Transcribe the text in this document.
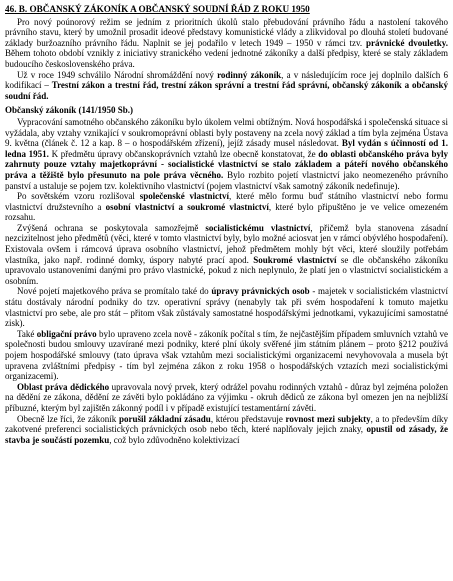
46. B. OBČANSKÝ ZÁKONÍK A OBČANSKÝ SOUDNÍ ŘÁD Z ROKU 1950

Pro nový poúnorový režim se jedním z prioritních úkolů stalo přebudování právního řádu a nastolení takového právního stavu, který by umožnil prosadit ideové představy komunistické vlády a zlikvidoval po dlouhá století budované základy buržoazního právního řádu. Naplnit se jej podařilo v letech 1949 – 1950 v rámci tzv. právnické dvouletky. Během tohoto období vznikly z iniciativy stranického vedení jednotné zákoníky a další předpisy, které se staly základem budoucího československého práva.

Už v roce 1949 schválilo Národní shromáždění nový rodinný zákoník, a v následujícím roce jej doplnilo dalších 6 kodifikací – Trestní zákon a trestní řád, trestní zákon správní a trestní řád správní, občanský zákoník a občanský soudní řád.

Občanský zákoník (141/1950 Sb.)

Vypracování samotného občanského zákoníku bylo úkolem velmi obtížným. Nová hospodářská i společenská situace si vyžádala, aby vztahy vznikající v soukromoprávní oblasti byly postaveny na zcela nový základ a tím byla zejména Ústava 9. května (článek č. 12 a kap. 8 – o hospodářském zřízení), jejíž zásady musel následovat. Byl vydán s účinností od 1. ledna 1951. K předmětu úpravy občanskoprávních vztahů lze obecně konstatovat, že do oblasti občanského práva byly zahrnuty pouze vztahy majetkoprávní - socialistické vlastnictví se stalo základem a páteří nového občanského práva a těžiště bylo přesunuto na pole práva věcného. Bylo rozbito pojetí vlastnictví jako neomezeného právního panství a ustaluje se pojem tzv. kolektivního vlastnictví (pojem vlastnictví však samotný zákoník nedefinuje).

Po sovětském vzoru rozlišoval společenské vlastnictví, které mělo formu buď státního vlastnictví nebo formu vlastnictví družstevního a osobní vlastnictví a soukromé vlastnictví, které bylo připuštěno je ve velice omezeném rozsahu.

Zvýšená ochrana se poskytovala samozřejmě socialistickému vlastnictví, přičemž byla stanovena zásadní nezcizitelnost jeho předmětů (věci, které v tomto vlastnictví byly, bylo možné aciosvat jen v rámci obývlého hospodaření). Existovala ovšem i rámcová úprava osobního vlastnictví, jehož předmětem mohly být věci, které sloužily potřebám vlastníka, jako např. rodinné domky, úspory nabyté prací apod. Soukromé vlastnictví se dle občanského zákoníku upravovalo ustanoveními danými pro právo vlastnické, pokud z nich neplynulo, že platí jen o vlastnictví socialistickém a osobním.

Nové pojetí majetkového práva se promítalo také do úpravy právnických osob - majetek v socialistickém vlastnictví státu dostávaly národní podniky do tzv. operativní správy (nenabyly tak při svém hospodaření k tomuto majetku vlastnictví pro sebe, ale pro stát – přitom však zůstávaly samostatné hospodářskými jednotkami, vykazujícími samostatné zisk).

Také obligační právo bylo upraveno zcela nově - zákoník počítal s tím, že nejčastějším případem smluvních vztahů ve společnosti budou smlouvy uzavírané mezi podniky, které plní úkoly svěřené jim státním plánem – proto §212 používá pojem hospodářské smlouvy (tato úprava však vztahům mezi socialistickými organizacemi nevyhovovala a musela být upravena zvláštními předpisy - tím byl zejména zákon z roku 1958 o hospodářských vztazích mezi socialistickými organizacemi).

Oblast práva dědického upravovala nový prvek, který odrážel povahu rodinných vztahů - důraz byl zejména položen na dědění ze zákona, dědění ze závěti bylo pokládáno za výjimku - okruh dědiců ze zákona byl omezen jen na nejbližší příbuzné, kterým byl zajištěn zákonný podíl i v případě existující testamentární závěti.

Obecně lze říci, že zákoník porušil základní zásadu, ktérou představuje rovnost mezi subjekty, a to především díky zakotvené preferenci socialistických právnických osob nebo těch, které naplňovaly jejich znaky, opustil od zásady, že stavba je součástí pozemku, což bylo zdůvodněno kolektivizací
